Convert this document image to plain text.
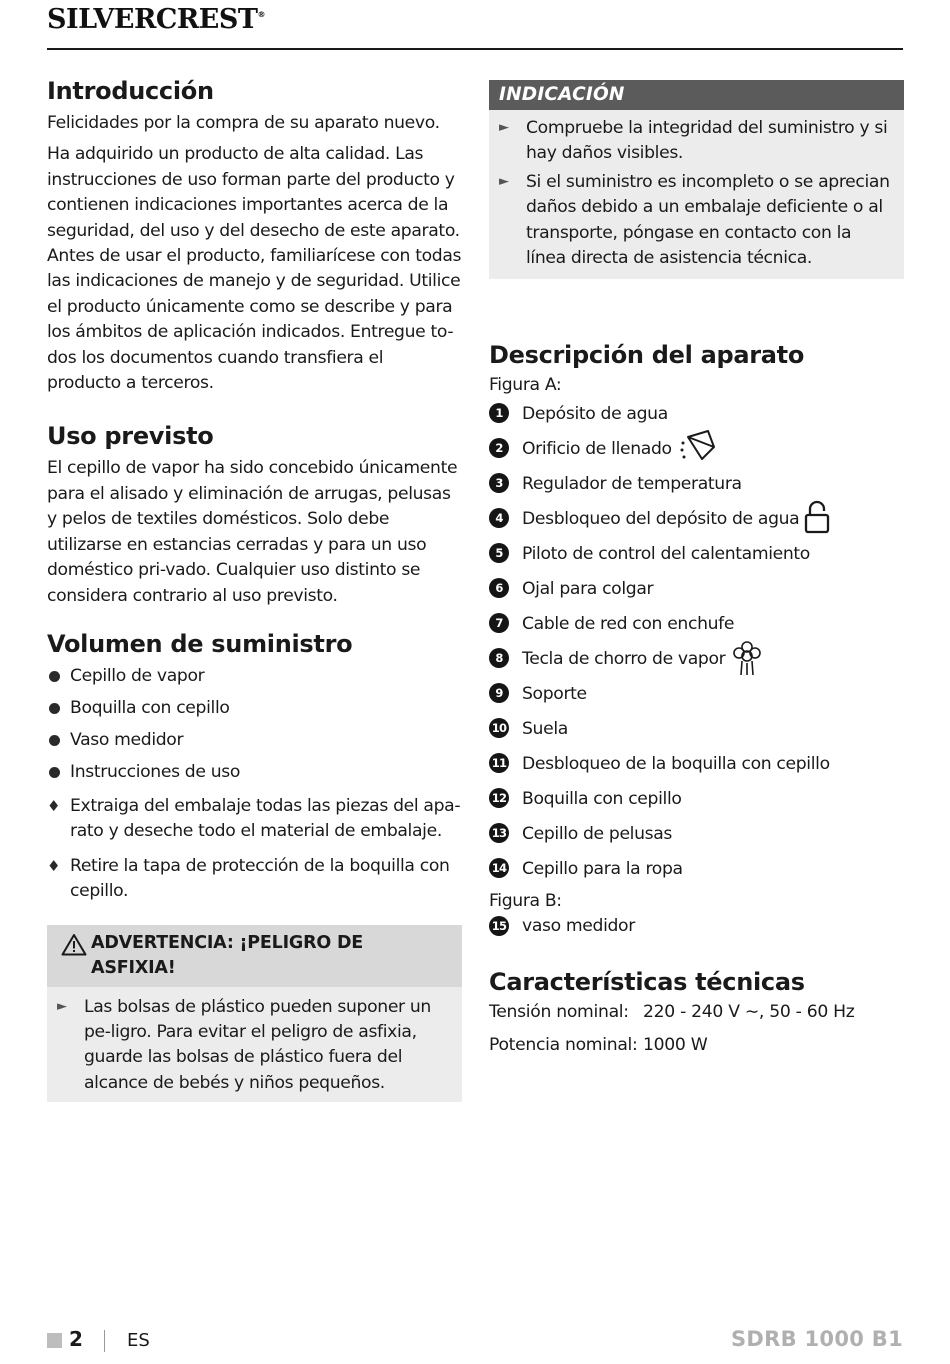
SILVERCREST®
Introducción

Felicidades por la compra de su aparato nuevo.

Ha adquirido un producto de alta calidad. Las instrucciones de uso forman parte del producto y contienen indicaciones importantes acerca de la seguridad, del uso y del desecho de este aparato. Antes de usar el producto, familiarícese con todas las indicaciones de manejo y de seguridad. Utilice el producto únicamente como se describe y para los ámbitos de aplicación indicados. Entregue to-dos los documentos cuando transfiera el producto a terceros.

Uso previsto

El cepillo de vapor ha sido concebido únicamente para el alisado y eliminación de arrugas, pelusas y pelos de textiles domésticos. Solo debe utilizarse en estancias cerradas y para un uso doméstico pri-vado. Cualquier uso distinto se considera contrario al uso previsto.

Volumen de suministro
Cepillo de vapor
Boquilla con cepillo
Vaso medidor
Instrucciones de uso
♦ Extraiga del embalaje todas las piezas del apa-rato y deseche todo el material de embalaje.
♦ Retire la tapa de protección de la boquilla con cepillo.
ADVERTENCIA: ¡PELIGRO DE ASFIXIA!
► Las bolsas de plástico pueden suponer un pe-ligro. Para evitar el peligro de asfixia, guarde las bolsas de plástico fuera del alcance de bebés y niños pequeños.
INDICACIÓN
► Compruebe la integridad del suministro y si hay daños visibles.
► Si el suministro es incompleto o se aprecian daños debido a un embalaje deficiente o al transporte, póngase en contacto con la línea directa de asistencia técnica.
Descripción del aparato

Figura A:

1	Depósito de agua
2	Orificio de llenado
3	Regulador de temperatura
4	Desbloqueo del depósito de agua
5	Piloto de control del calentamiento
6	Ojal para colgar
7	Cable de red con enchufe
8	Tecla de chorro de vapor
9	Soporte
10 Suela
11 Desbloqueo de la boquilla con cepillo
12 Boquilla con cepillo
13 Cepillo de pelusas
14 Cepillo para la ropa

Figura B:

15 vaso medidor
Características técnicas
Tensión nominal: 220 - 240 V ∼, 50 - 60 Hz
Potencia nominal: 1000 W
2 ES	SDRB 1000 B1
